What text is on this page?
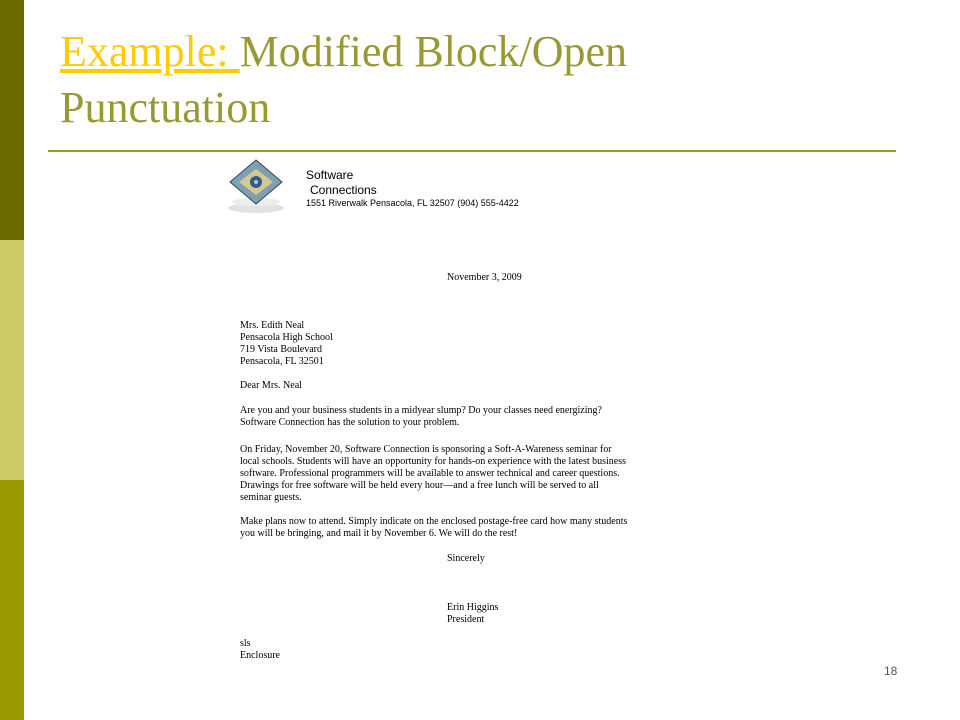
Example: Modified Block/Open
Punctuation
Software
Connections
1551 Riverwalk Pensacola, FL 32507 (904) 555-4422
November 3, 2009
Mrs. Edith Neal
Pensacola High School
719 Vista Boulevard
Pensacola, FL 32501
Dear Mrs. Neal
Are you and your business students in a midyear slump? Do your classes need energizing?
Software Connection has the solution to your problem.
On Friday, November 20, Software Connection is sponsoring a Soft-A-Wareness seminar for
local schools. Students will have an opportunity for hands-on experience with the latest business
software. Professional programmers will be available to answer technical and career questions.
Drawings for free software will be held every hour—and a free lunch will be served to all
seminar guests.
Make plans now to attend. Simply indicate on the enclosed postage-free card how many students
you will be bringing, and mail it by November 6. We will do the rest!
Sincerely
Erin Higgins
President
sls
Enclosure
18
